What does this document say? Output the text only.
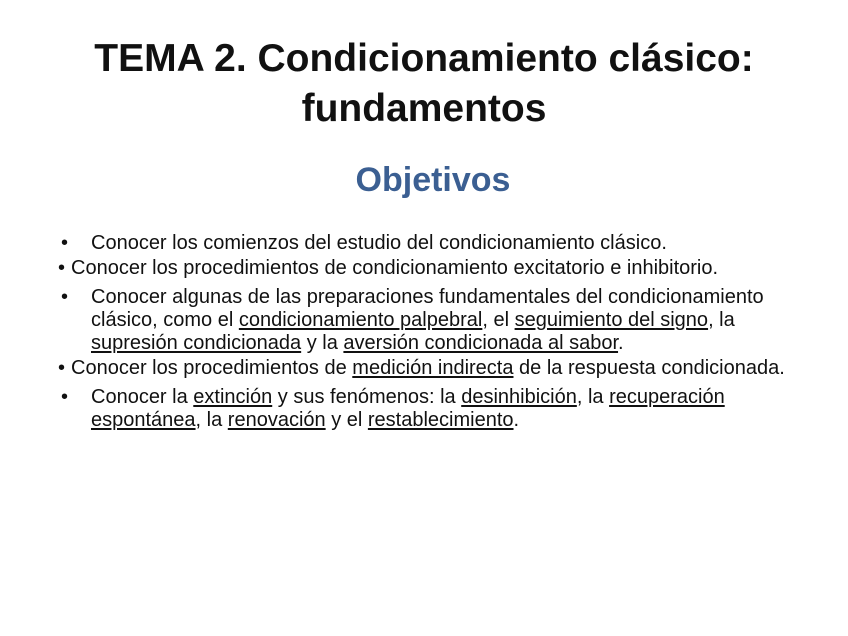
TEMA 2. Condicionamiento clásico:
fundamentos
Objetivos

• Conocer los comienzos del estudio del condicionamiento clásico.

• Conocer los procedimientos de condicionamiento excitatorio e inhibitorio.

• Conocer algunas de las preparaciones fundamentales del condicionamiento clásico, como el condicionamiento palpebral, el seguimiento del signo, la supresión condicionada y la aversión condicionada al sabor.

• Conocer los procedimientos de medición indirecta de la respuesta condicionada.

• Conocer la extinción y sus fenómenos: la desinhibición, la recuperación espontánea, la renovación y el restablecimiento.
